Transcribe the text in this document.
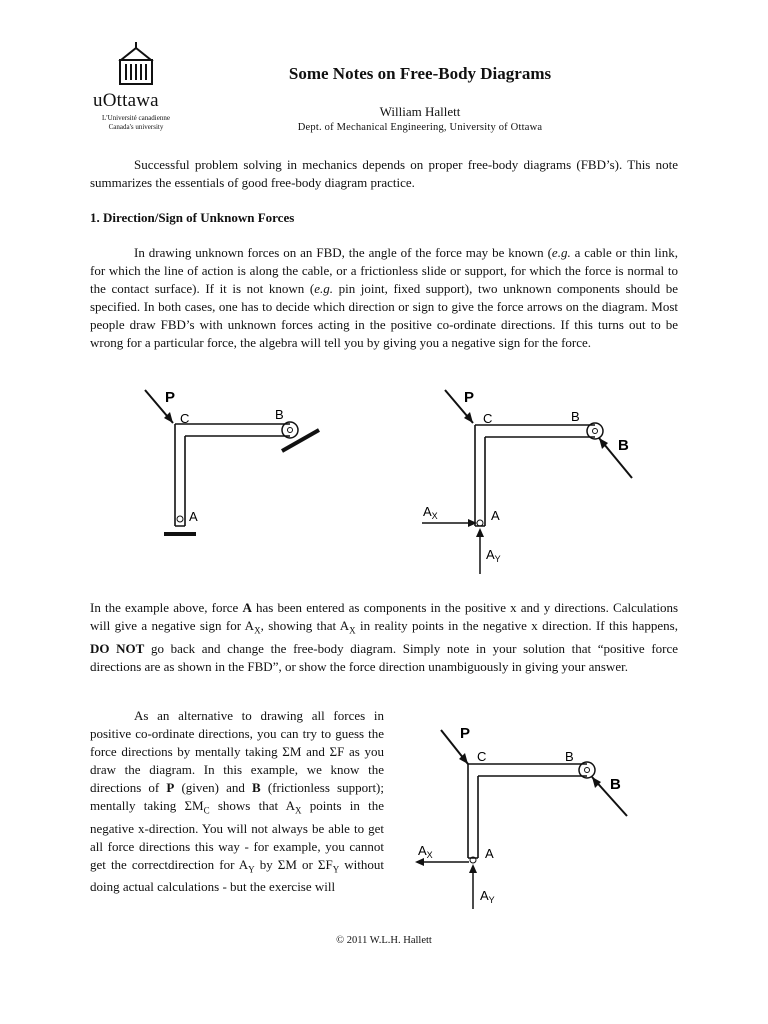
uOttawa
L'Université canadienne
Canada's university
Some Notes on Free-Body Diagrams
William Hallett
Dept. of Mechanical Engineering, University of Ottawa

Successful problem solving in mechanics depends on proper free-body diagrams (FBD’s). This note summarizes the essentials of good free-body diagram practice.

1. Direction/Sign of Unknown Forces

In drawing unknown forces on an FBD, the angle of the force may be known (e.g. a cable or thin link, for which the line of action is along the cable, or a frictionless slide or support, for which the force is normal to the contact surface). If it is not known (e.g. pin joint, fixed support), two unknown components should be specified. In both cases, one has to decide which direction or sign to give the force arrows on the diagram. Most people draw FBD’s with unknown forces acting in the positive co-ordinate directions. If this turns out to be wrong for a particular force, the algebra will tell you by giving you a negative sign for the force.

P
C	B
A
P
C	B
B
$A_X$
$A_Y$
A

In the example above, force A has been entered as components in the positive x and y directions. Calculations will give a negative sign for $A_X$, showing that $A_X$ in reality points in the negative x direction. If this happens, DO NOT go back and change the free-body diagram. Simply note in your solution that “positive force directions are as shown in the FBD”, or show the force direction unambiguously in giving your answer.

As an alternative to drawing all forces in positive co-ordinate directions, you can try to guess the force directions by mentally taking ΣM and ΣF as you draw the diagram. In this example, we know the directions of P (given) and B (frictionless support); mentally taking $\Sigma M_C$ shows that $A_X$ points in the negative x-direction. You will not always be able to get all force directions this way - for example, you cannot get the correctdirection for $A_Y$ by ΣM or $\Sigma F_Y$ without doing actual calculations - but the exercise will

P
C	B
B
$A_X$
$A_Y$
A
© 2011 W.L.H. Hallett
